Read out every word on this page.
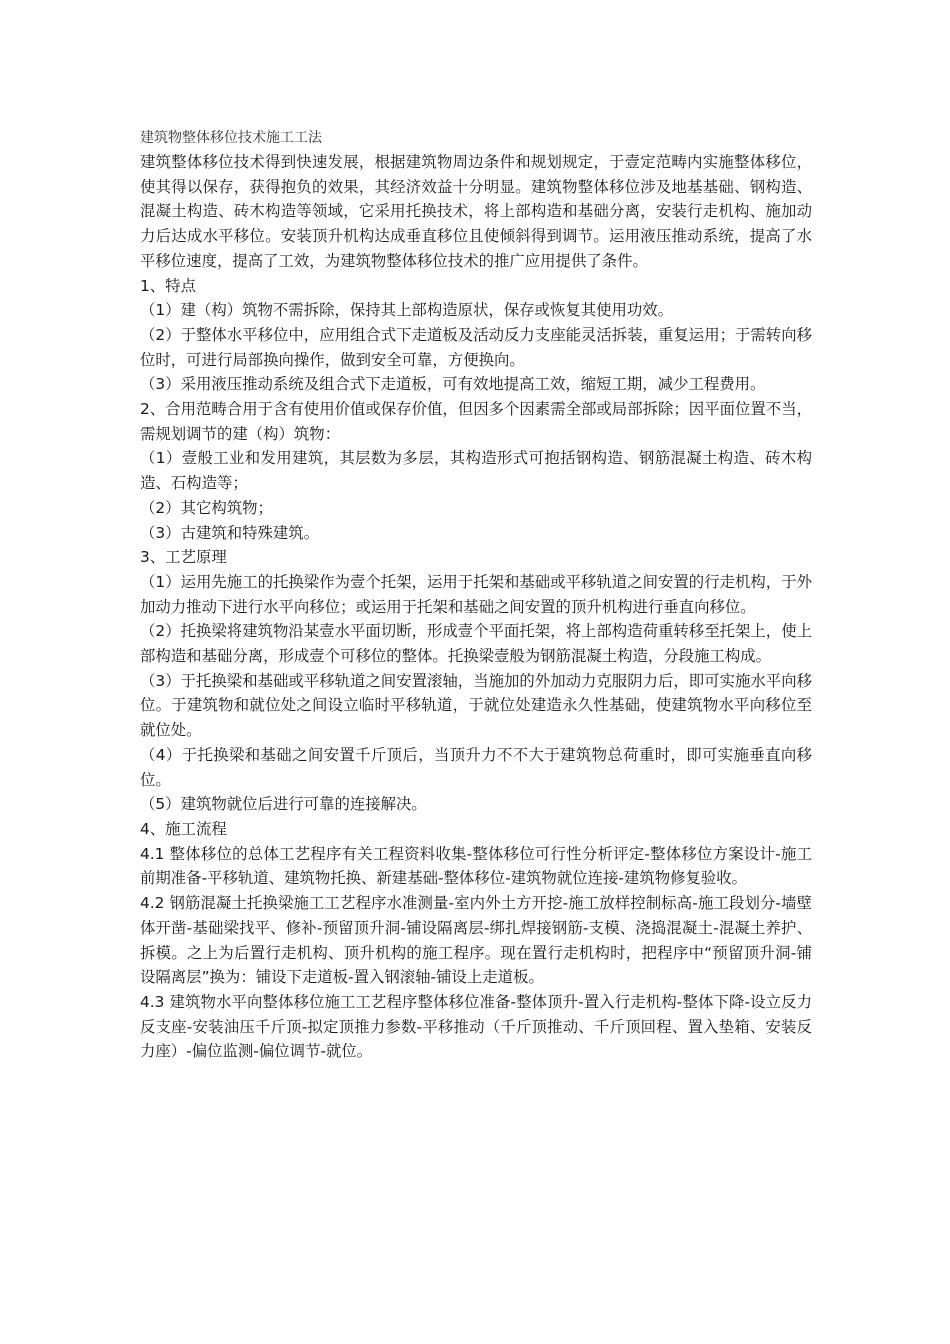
建筑物整体移位技术施工工法

建筑整体移位技术得到快速发展，根据建筑物周边条件和规划规定，于壹定范畴内实施整体移位，使其得以保存，获得抱负的效果，其经济效益十分明显。建筑物整体移位涉及地基基础、钢构造、混凝土构造、砖木构造等领域，它采用托换技术，将上部构造和基础分离，安装行走机构、施加动力后达成水平移位。安装顶升机构达成垂直移位且使倾斜得到调节。运用液压推动系统，提高了水平移位速度，提高了工效，为建筑物整体移位技术的推广应用提供了条件。

1、特点

（1）建（构）筑物不需拆除，保持其上部构造原状，保存或恢复其使用功效。

（2）于整体水平移位中，应用组合式下走道板及活动反力支座能灵活拆装，重复运用；于需转向移位时，可进行局部换向操作，做到安全可靠，方便换向。

（3）采用液压推动系统及组合式下走道板，可有效地提高工效，缩短工期，减少工程费用。

2、合用范畴合用于含有使用价值或保存价值，但因多个因素需全部或局部拆除；因平面位置不当，需规划调节的建（构）筑物：

（1）壹般工业和发用建筑，其层数为多层，其构造形式可抱括钢构造、钢筋混凝土构造、砖木构造、石构造等；

（2）其它构筑物；

（3）古建筑和特殊建筑。

3、工艺原理

（1）运用先施工的托换梁作为壹个托架，运用于托架和基础或平移轨道之间安置的行走机构，于外加动力推动下进行水平向移位；或运用于托架和基础之间安置的顶升机构进行垂直向移位。

（2）托换梁将建筑物沿某壹水平面切断，形成壹个平面托架，将上部构造荷重转移至托架上，使上部构造和基础分离，形成壹个可移位的整体。托换梁壹般为钢筋混凝土构造，分段施工构成。

（3）于托换梁和基础或平移轨道之间安置滚轴，当施加的外加动力克服阴力后，即可实施水平向移位。于建筑物和就位处之间设立临时平移轨道，于就位处建造永久性基础，使建筑物水平向移位至就位处。

（4）于托换梁和基础之间安置千斤顶后，当顶升力不不大于建筑物总荷重时，即可实施垂直向移位。

（5）建筑物就位后进行可靠的连接解决。

4、施工流程

4.1 整体移位的总体工艺程序有关工程资料收集-整体移位可行性分析评定-整体移位方案设计-施工前期准备-平移轨道、建筑物托换、新建基础-整体移位-建筑物就位连接-建筑物修复验收。

4.2 钢筋混凝土托换梁施工工艺程序水准测量-室内外土方开挖-施工放样控制标高-施工段划分-墙壁体开凿-基础梁找平、修补-预留顶升洞-铺设隔离层-绑扎焊接钢筋-支模、浇捣混凝土-混凝土养护、拆模。之上为后置行走机构、顶升机构的施工程序。现在置行走机构时，把程序中“预留顶升洞-铺设隔离层”换为：铺设下走道板-置入钢滚轴-铺设上走道板。

4.3 建筑物水平向整体移位施工工艺程序整体移位准备-整体顶升-置入行走机构-整体下降-设立反力反支座-安装油压千斤顶-拟定顶推力参数-平移推动（千斤顶推动、千斤顶回程、置入垫箱、安装反力座）-偏位监测-偏位调节-就位。
